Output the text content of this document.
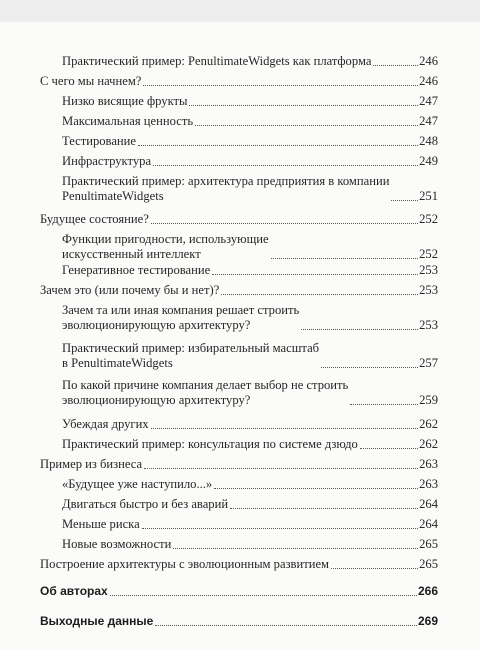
Практический пример: PenultimateWidgets как платформа	246
С чего мы начнем?	246
Низко висящие фрукты	247
Максимальная ценность	247
Тестирование	248
Инфраструктура	249
Практический пример: архитектура предприятия в компании
PenultimateWidgets	251
Будущее состояние?	252
Функции пригодности, использующие
искусственный интеллект	252
Генеративное тестирование	253
Зачем это (или почему бы и нет)?	253
Зачем та или иная компания решает строить
эволюционирующую архитектуру?	253
Практический пример: избирательный масштаб
в PenultimateWidgets	257
По какой причине компания делает выбор не строить
эволюционирующую архитектуру?	259
Убеждая других	262
Практический пример: консультация по системе дзюдо	262
Пример из бизнеса	263
«Будущее уже наступило...»	263
Двигаться быстро и без аварий	264
Меньше риска	264
Новые возможности	265
Построение архитектуры с эволюционным развитием	265
Об авторах	266
Выходные данные	269
